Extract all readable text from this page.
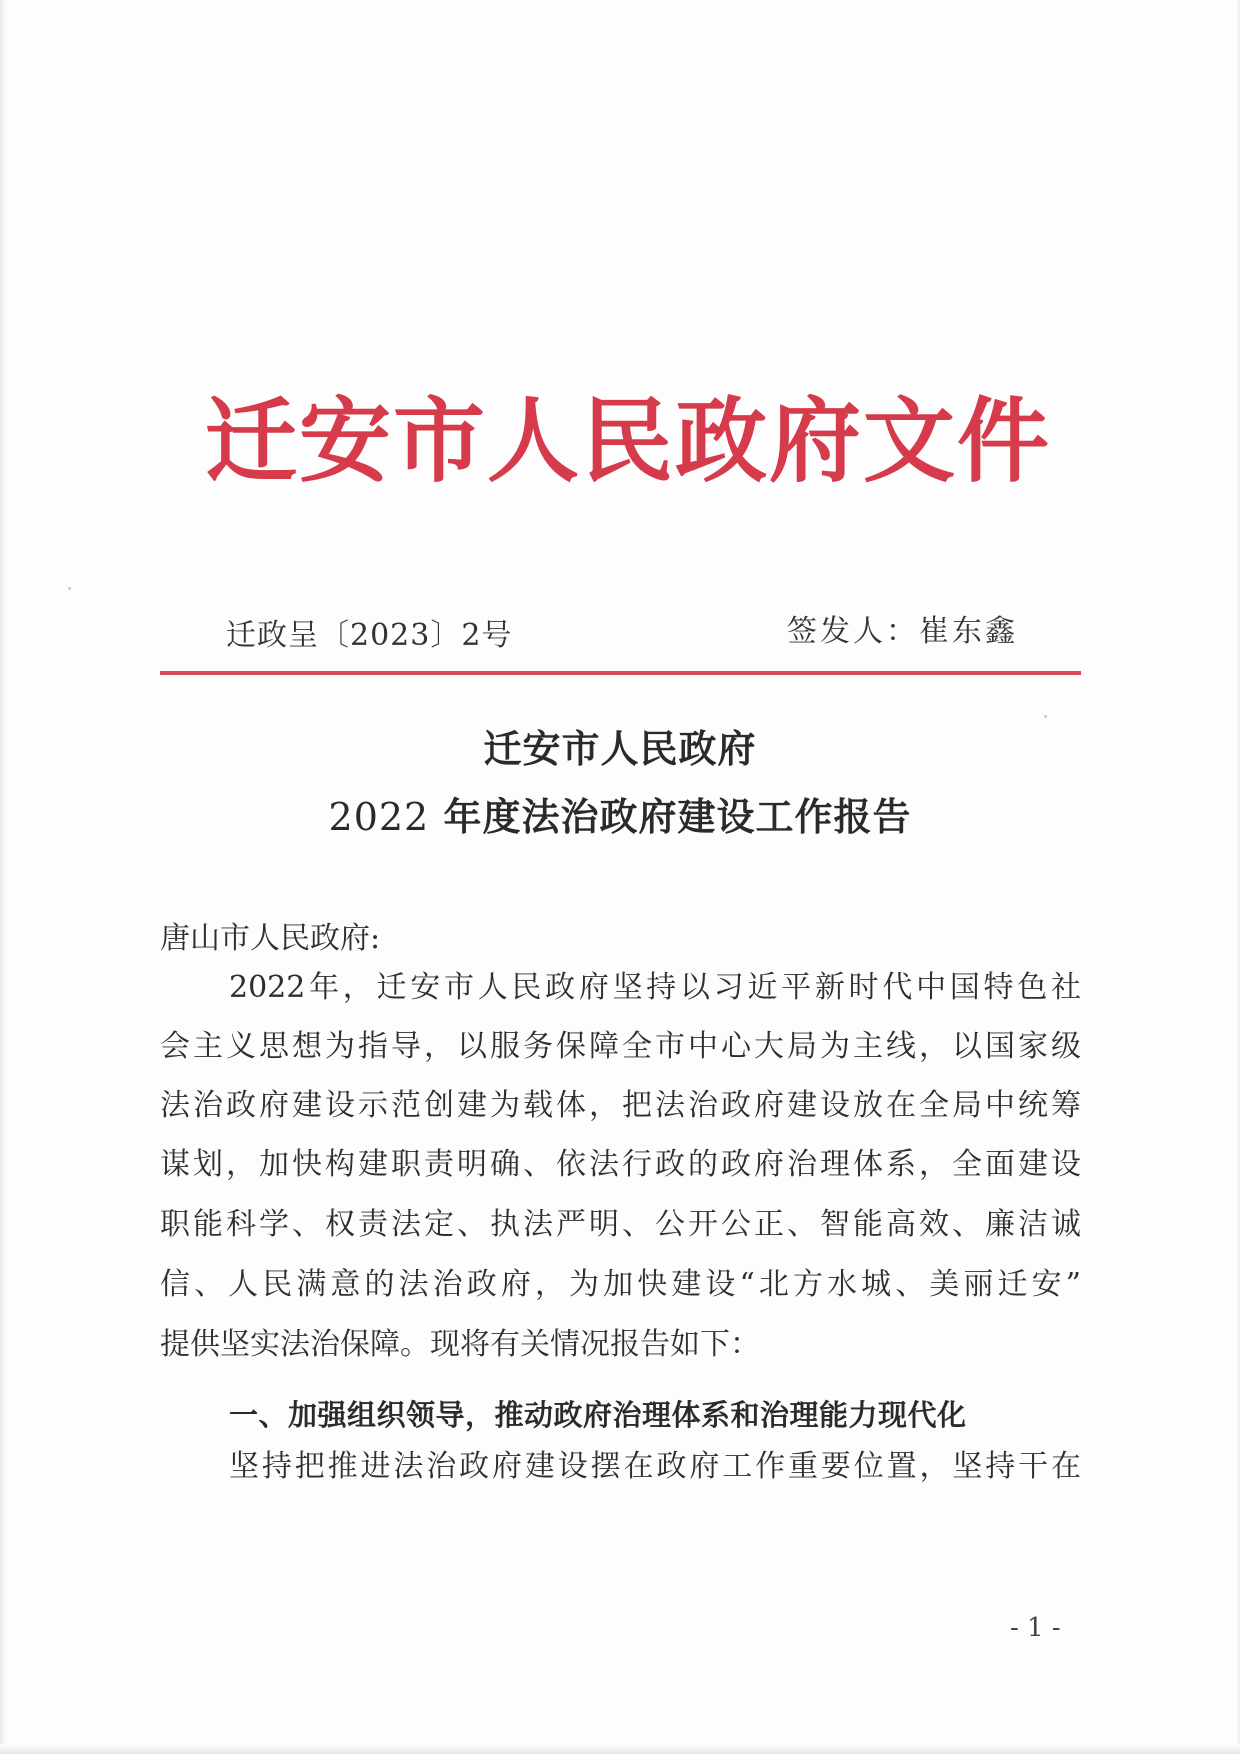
迁安市人民政府文件
迁政呈〔2023〕2号	签发人：崔东鑫
迁安市人民政府
2022 年度法治政府建设工作报告
唐山市人民政府:
2022年，迁安市人民政府坚持以习近平新时代中国特色社
会主义思想为指导，以服务保障全市中心大局为主线，以国家级
法治政府建设示范创建为载体，把法治政府建设放在全局中统筹
谋划，加快构建职责明确、依法行政的政府治理体系，全面建设
职能科学、权责法定、执法严明、公开公正、智能高效、廉洁诚
信、人民满意的法治政府，为加快建设“北方水城、美丽迁安”
提供坚实法治保障。现将有关情况报告如下：
一、加强组织领导，推动政府治理体系和治理能力现代化
坚持把推进法治政府建设摆在政府工作重要位置，坚持干在
- 1 -
